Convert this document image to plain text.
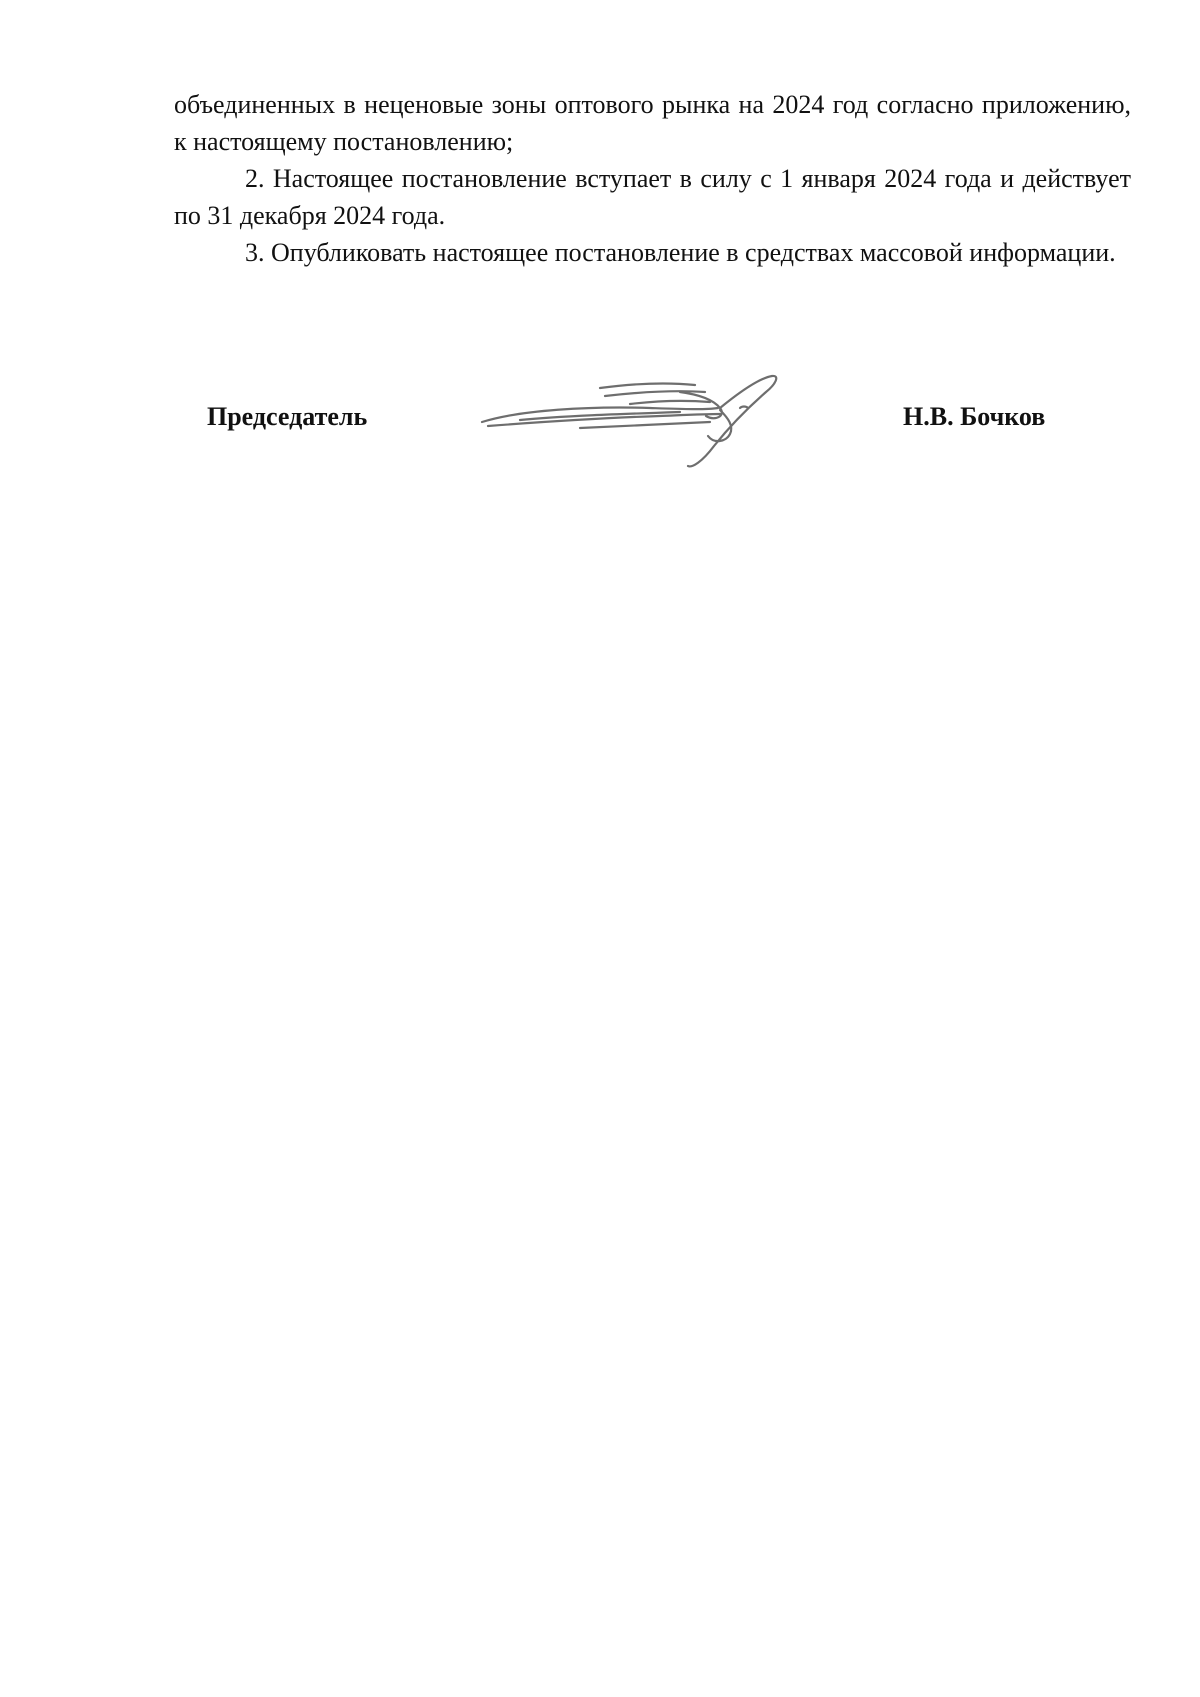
объединенных в неценовые зоны оптового рынка на 2024 год согласно приложению, к настоящему постановлению;

2. Настоящее постановление вступает в силу с 1 января 2024 года и действует по 31 декабря 2024 года.

3. Опубликовать настоящее постановление в средствах массовой информации.

Председатель	Н.В. Бочков
